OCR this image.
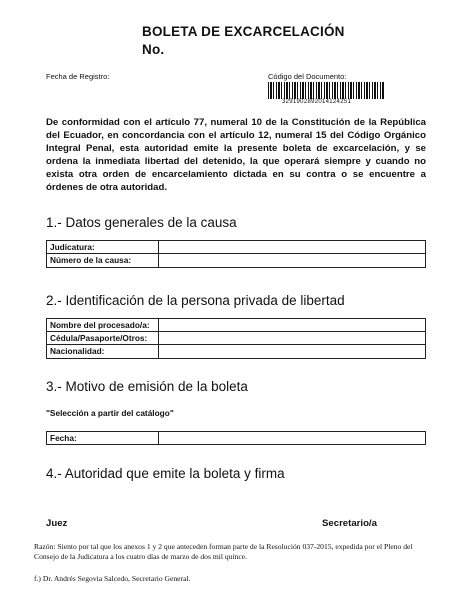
BOLETA DE EXCARCELACIÓN
No.
Fecha de Registro:	Código del Documento:
3291902892014124251
De conformidad con el artículo 77, numeral 10 de la Constitución de la República del Ecuador, en concordancia con el artículo 12, numeral 15 del Código Orgánico Integral Penal, esta autoridad emite la presente boleta de excarcelación, y se ordena la inmediata libertad del detenido, la que operará siempre y cuando no exista otra orden de encarcelamiento dictada en su contra o se encuentre a órdenes de otra autoridad.
1.- Datos generales de la causa
Judicatura:
Número de la causa:
2.- Identificación de la persona privada de libertad
Nombre del procesado/a:
Cédula/Pasaporte/Otros:
Nacionalidad:
3.- Motivo de emisión de la boleta
"Selección a partir del catálogo"
Fecha:
4.- Autoridad que emite la boleta y firma
Juez	Secretario/a
Razón: Siento por tal que los anexos 1 y 2 que anteceden forman parte de la Resolución 037-2015, expedida por el Pleno del Consejo de la Judicatura a los cuatro días de marzo de dos mil quince.
f.) Dr. Andrés Segovia Salcedo, Secretario General.
